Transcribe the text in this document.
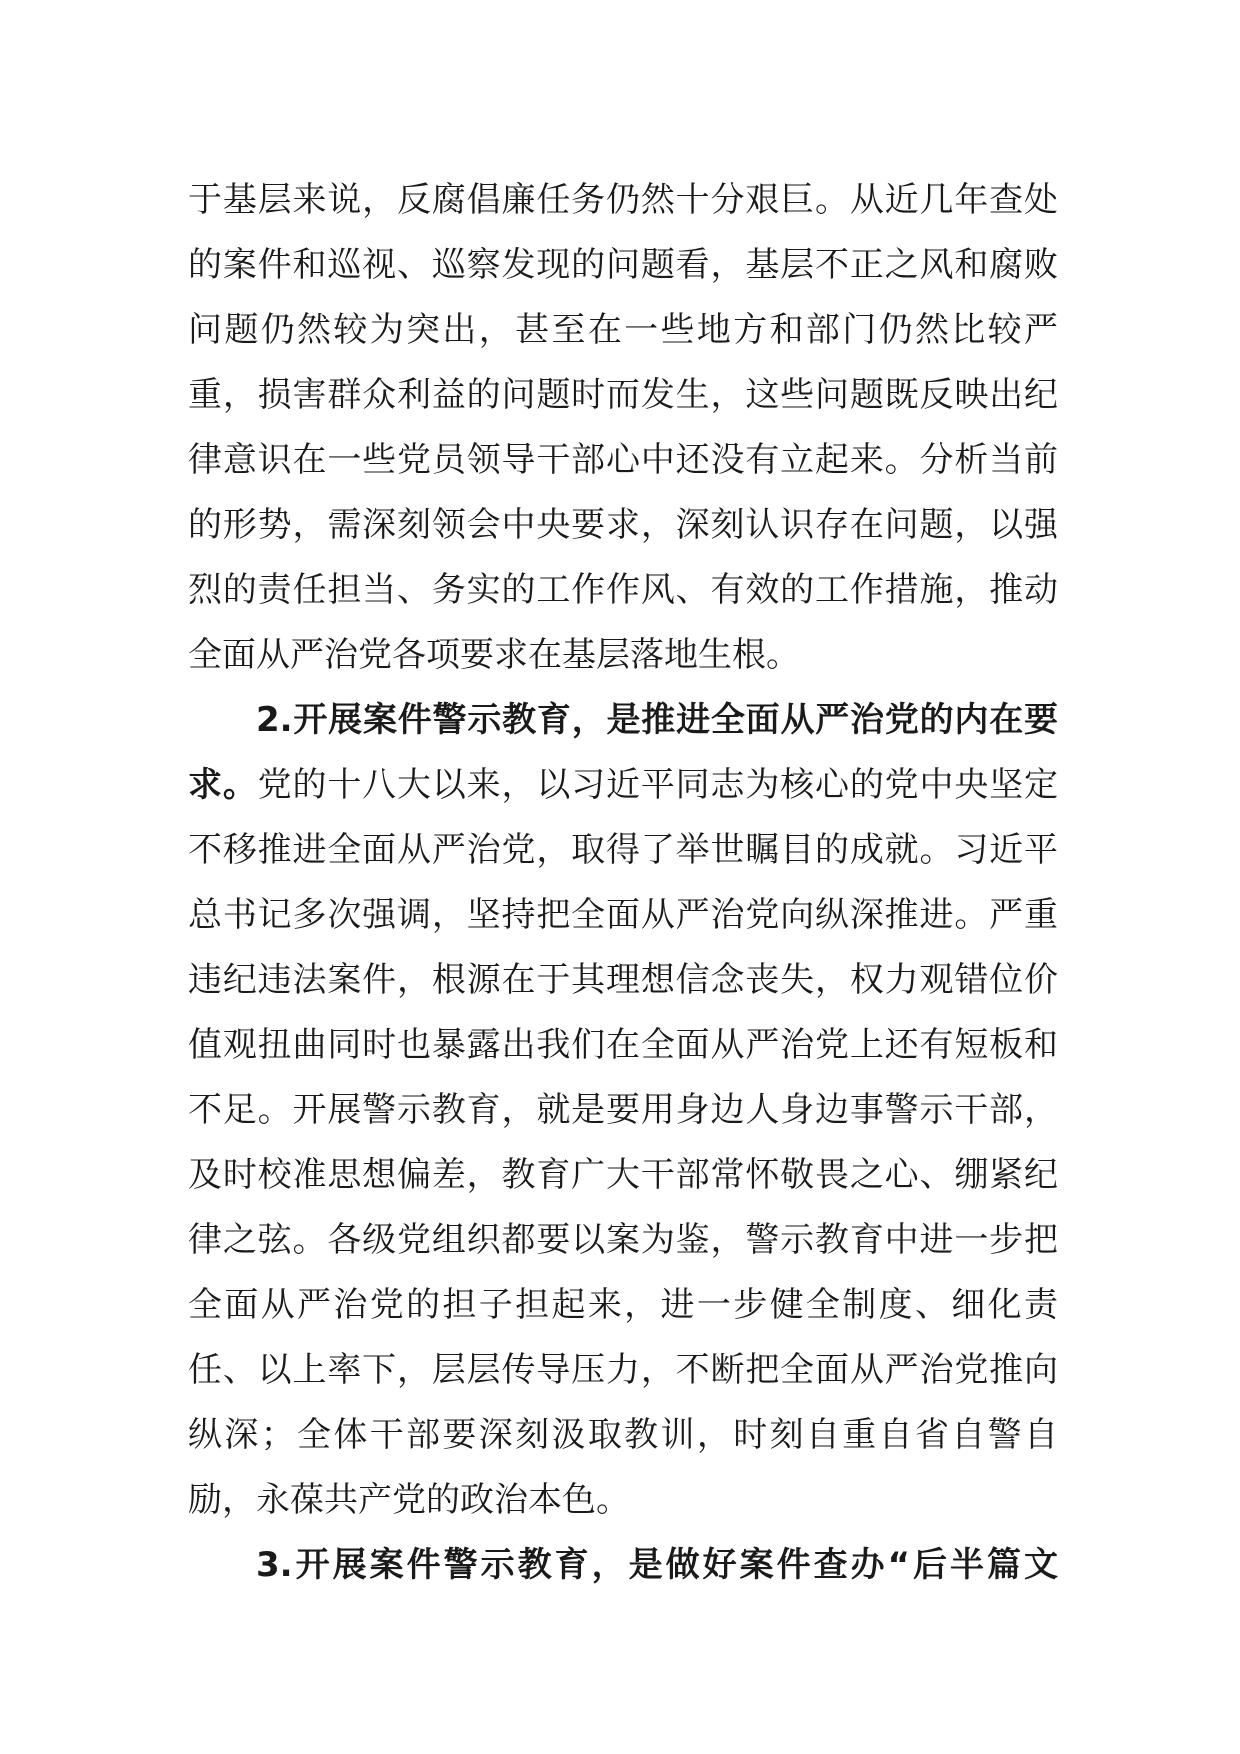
于基层来说，反腐倡廉任务仍然十分艰巨。从近几年查处
的案件和巡视、巡察发现的问题看，基层不正之风和腐败
问题仍然较为突出，甚至在一些地方和部门仍然比较严
重，损害群众利益的问题时而发生，这些问题既反映出纪
律意识在一些党员领导干部心中还没有立起来。分析当前
的形势，需深刻领会中央要求，深刻认识存在问题，以强
烈的责任担当、务实的工作作风、有效的工作措施，推动
全面从严治党各项要求在基层落地生根。
2.开展案件警示教育，是推进全面从严治党的内在要
求。党的十八大以来，以习近平同志为核心的党中央坚定
不移推进全面从严治党，取得了举世瞩目的成就。习近平
总书记多次强调，坚持把全面从严治党向纵深推进。严重
违纪违法案件，根源在于其理想信念丧失，权力观错位价
值观扭曲同时也暴露出我们在全面从严治党上还有短板和
不足。开展警示教育，就是要用身边人身边事警示干部，
及时校准思想偏差，教育广大干部常怀敬畏之心、绷紧纪
律之弦。各级党组织都要以案为鉴，警示教育中进一步把
全面从严治党的担子担起来，进一步健全制度、细化责
任、以上率下，层层传导压力，不断把全面从严治党推向
纵深；全体干部要深刻汲取教训，时刻自重自省自警自
励，永葆共产党的政治本色。
3.开展案件警示教育，是做好案件查办“后半篇文
